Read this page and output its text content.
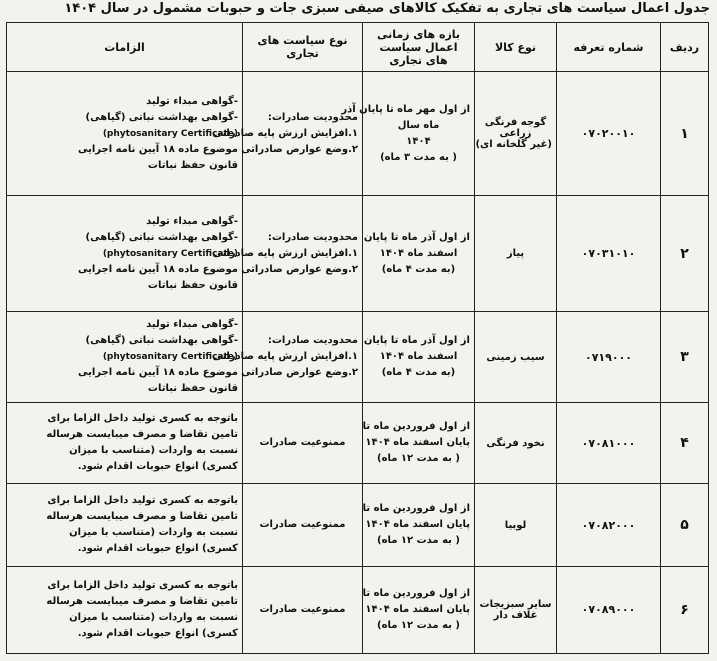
جدول اعمال سیاست های تجاری به تفکیک کالاهای صیفی سبزی جات و حبوبات مشمول در سال ۱۴۰۴
ردیف	شماره تعرفه	نوع کالا	بازه های زمانی اعمال سیاست های تجاری	نوع سیاست های تجاری	الزامات
۱	۰۷۰۲۰۰۱۰	گوجه فرنگی
زراعی
(غیر گلخانه ای)	از اول مهر ماه تا پایان آذر
ماه سال
۱۴۰۴
( به مدت ۳ ماه)	محدودیت صادرات:
۱.افزایش ارزش پایه صادراتی
۲.وضع عوارض صادراتی	-گواهی مبداء تولید
-گواهی بهداشت نباتی (گیاهی)
(phytosanitary Certificate)
موضوع ماده ۱۸ آیین نامه اجرایی
قانون حفظ نباتات

۲	۰۷۰۳۱۰۱۰	پیاز	از اول آذر ماه تا پایان
اسفند ماه ۱۴۰۴
(به مدت ۴ ماه)	محدودیت صادرات:
۱.افزایش ارزش پایه صادراتی
۲.وضع عوارض صادراتی	-گواهی مبداء تولید
-گواهی بهداشت نباتی (گیاهی)
(phytosanitary Certificate)
موضوع ماده ۱۸ آیین نامه اجرایی
قانون حفظ نباتات

۳	۰۷۱۹۰۰۰	سیب زمینی	از اول آذر ماه تا پایان
اسفند ماه ۱۴۰۴
(به مدت ۴ ماه)	محدودیت صادرات:
۱.افزایش ارزش پایه صادراتی
۲.وضع عوارض صادراتی	-گواهی مبداء تولید
-گواهی بهداشت نباتی (گیاهی)
(phytosanitary Certificate)
موضوع ماده ۱۸ آیین نامه اجرایی
قانون حفظ نباتات

۴	۰۷۰۸۱۰۰۰	نخود فرنگی	از اول فروردین ماه تا
پایان اسفند ماه ۱۴۰۴
( به مدت ۱۲ ماه)	ممنوعیت صادرات	باتوجه به کسری تولید داخل الزاما برای
تامین تقاضا و مصرف میبایست هرساله
نسبت به واردات (متناسب با میزان
کسری) انواع حبوبات اقدام شود.

۵	۰۷۰۸۲۰۰۰	لوبیا	از اول فروردین ماه تا
پایان اسفند ماه ۱۴۰۴
( به مدت ۱۲ ماه)	ممنوعیت صادرات	باتوجه به کسری تولید داخل الزاما برای
تامین تقاضا و مصرف میبایست هرساله
نسبت به واردات (متناسب با میزان
کسری) انواع حبوبات اقدام شود.

۶	۰۷۰۸۹۰۰۰	سایر سبزیجات
غلاف دار	از اول فروردین ماه تا
پایان اسفند ماه ۱۴۰۴
( به مدت ۱۲ ماه)	ممنوعیت صادرات	باتوجه به کسری تولید داخل الزاما برای
تامین تقاضا و مصرف میبایست هرساله
نسبت به واردات (متناسب با میزان
کسری) انواع حبوبات اقدام شود.
